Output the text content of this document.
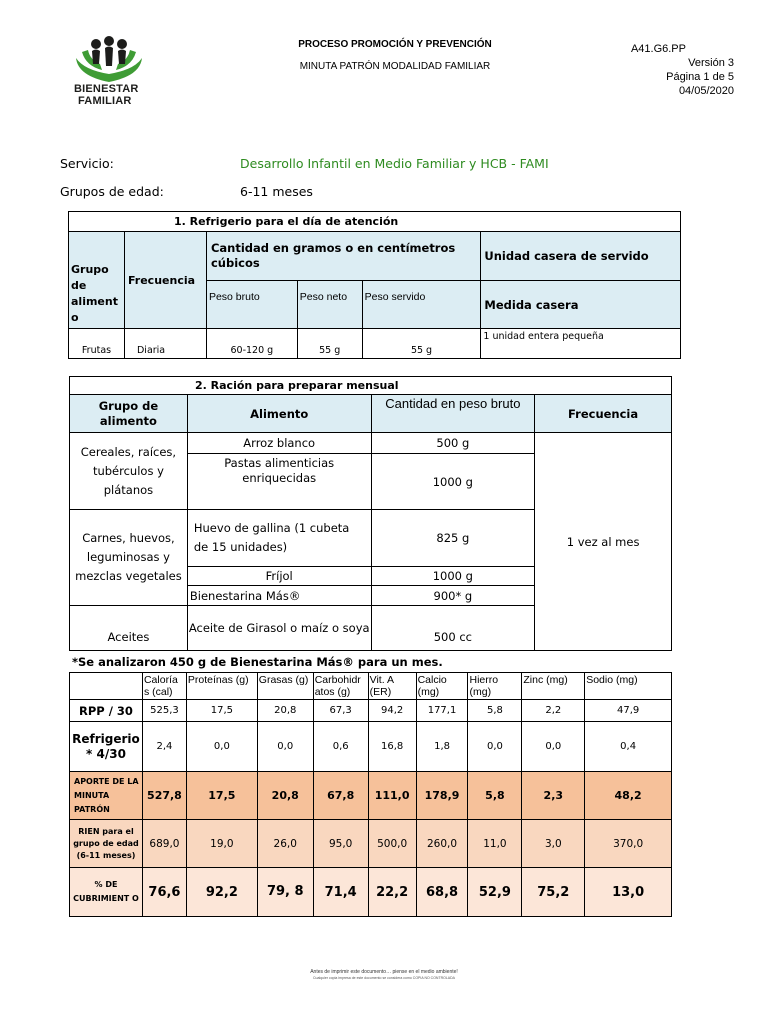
BIENESTAR
FAMILIAR
PROCESO PROMOCIÓN Y PREVENCIÓN
MINUTA PATRÓN MODALIDAD FAMILIAR
A41.G6.PP
Versión 3
Página 1 de 5
04/05/2020
Servicio:	Desarrollo Infantil en Medio Familiar y HCB - FAMI
Grupos de edad:	6-11 meses
1. Refrigerio para el día de atención					
Grupo de aliment o	Frecuencia	Cantidad en gramos o en centímetros cúbicos			Unidad casera de servido
		Peso bruto	Peso neto	Peso servido	Medida casera
Frutas	Diaria	60-120 g	55 g	55 g	1 unidad entera pequeña
2. Ración para preparar mensual			
Grupo de alimento	Alimento	Cantidad en peso bruto	Frecuencia
Cereales, raíces, tubérculos y plátanos	Arroz blanco	500 g	1 vez al mes
	Pastas alimenticias enriquecidas	1000 g	
Carnes, huevos, leguminosas y mezclas vegetales	Huevo de gallina (1 cubeta de 15 unidades)	825 g	
	Fríjol	1000 g	
	Bienestarina Más®	900* g	
Aceites	Aceite de Girasol o maíz o soya	500 cc	
*Se analizaron 450 g de Bienestarina Más® para un mes.
	Caloría s (cal)	Proteínas (g)	Grasas (g)	Carbohidr atos (g)	Vit. A (ER)	Calcio (mg)	Hierro (mg)	Zinc (mg)	Sodio (mg)
RPP / 30	525,3	17,5	20,8	67,3	94,2	177,1	5,8	2,2	47,9
Refrigerio * 4/30	2,4	0,0	0,0	0,6	16,8	1,8	0,0	0,0	0,4
APORTE DE LA MINUTA PATRÓN	527,8	17,5	20,8	67,8	111,0	178,9	5,8	2,3	48,2
RIEN para el grupo de edad (6-11 meses)	689,0	19,0	26,0	95,0	500,0	260,0	11,0	3,0	370,0
% DE CUBRIMIENT O	76,6	92,2	79, 8	71,4	22,2	68,8	52,9	75,2	13,0
Antes de imprimir este documento… piense en el medio ambiente!
Cualquier copia impresa de este documento se considera como COPIA NO CONTROLADA
